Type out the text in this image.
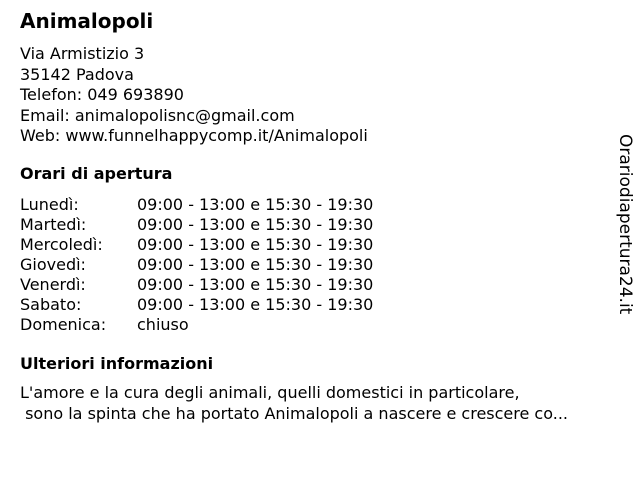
Animalopoli
Via Armistizio 3
35142 Padova
Telefon: 049 693890
Email: animalopolisnc@gmail.com
Web: www.funnelhappycomp.it/Animalopoli
Orari di apertura
Lunedì:	09:00 - 13:00 e 15:30 - 19:30
Martedì:	09:00 - 13:00 e 15:30 - 19:30
Mercoledì:	09:00 - 13:00 e 15:30 - 19:30
Giovedì:	09:00 - 13:00 e 15:30 - 19:30
Venerdì:	09:00 - 13:00 e 15:30 - 19:30
Sabato:	09:00 - 13:00 e 15:30 - 19:30
Domenica:	chiuso
Ulteriori informazioni
L'amore e la cura degli animali, quelli domestici in particolare,
sono la spinta che ha portato Animalopoli a nascere e crescere co...
Orariodiapertura24.it
